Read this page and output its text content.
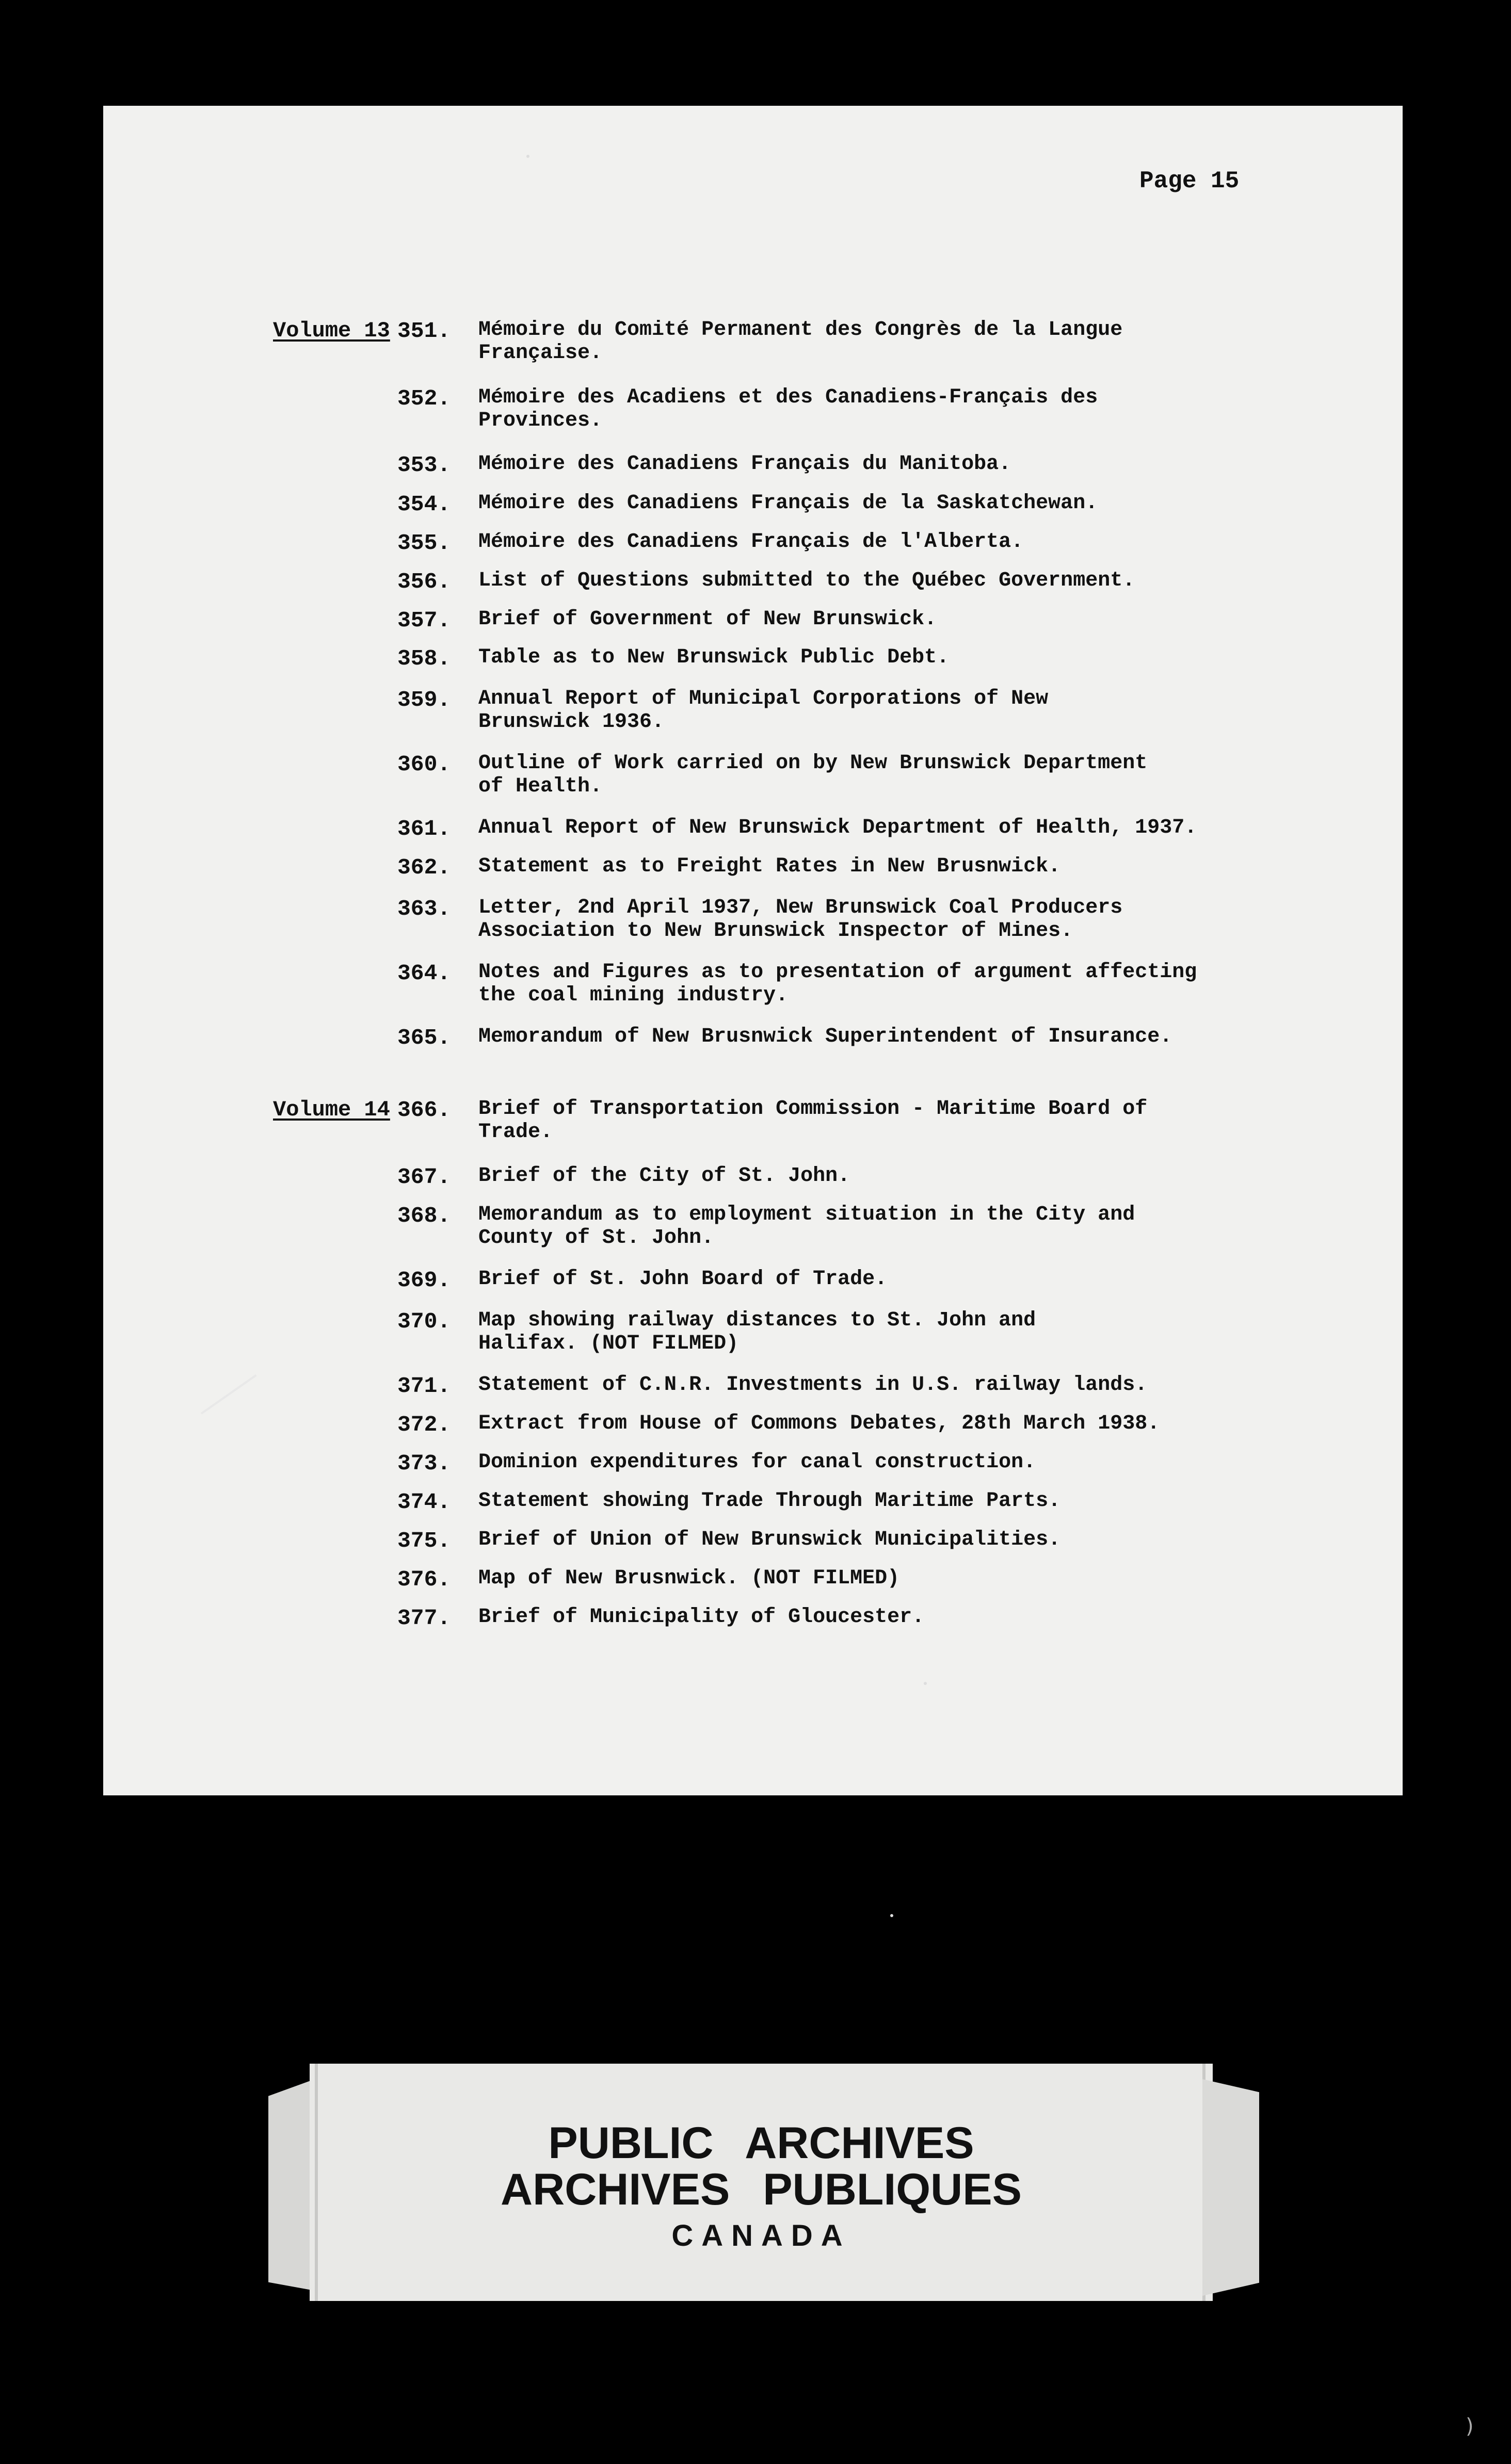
Page 15
Volume 13
Volume 14
351. Mémoire du Comité Permanent des Congrès de la Langue
Française.
352. Mémoire des Acadiens et des Canadiens-Français des
Provinces.
353. Mémoire des Canadiens Français du Manitoba.
354. Mémoire des Canadiens Français de la Saskatchewan.
355. Mémoire des Canadiens Français de l'Alberta.
356. List of Questions submitted to the Québec Government.
357. Brief of Government of New Brunswick.
358. Table as to New Brunswick Public Debt.
359. Annual Report of Municipal Corporations of New
Brunswick 1936.
360. Outline of Work carried on by New Brunswick Department
of Health.
361. Annual Report of New Brunswick Department of Health, 1937.
362. Statement as to Freight Rates in New Brusnwick.
363. Letter, 2nd April 1937, New Brunswick Coal Producers
Association to New Brunswick Inspector of Mines.
364. Notes and Figures as to presentation of argument affecting
the coal mining industry.
365. Memorandum of New Brusnwick Superintendent of Insurance.
366. Brief of Transportation Commission - Maritime Board of
Trade.
367. Brief of the City of St. John.
368. Memorandum as to employment situation in the City and
County of St. John.
369. Brief of St. John Board of Trade.
370. Map showing railway distances to St. John and
Halifax. (NOT FILMED)
371. Statement of C.N.R. Investments in U.S. railway lands.
372. Extract from House of Commons Debates, 28th March 1938.
373. Dominion expenditures for canal construction.
374. Statement showing Trade Through Maritime Parts.
375. Brief of Union of New Brunswick Municipalities.
376. Map of New Brusnwick. (NOT FILMED)
377. Brief of Municipality of Gloucester.
PUBLIC ARCHIVES
ARCHIVES PUBLIQUES
CANADA
)
